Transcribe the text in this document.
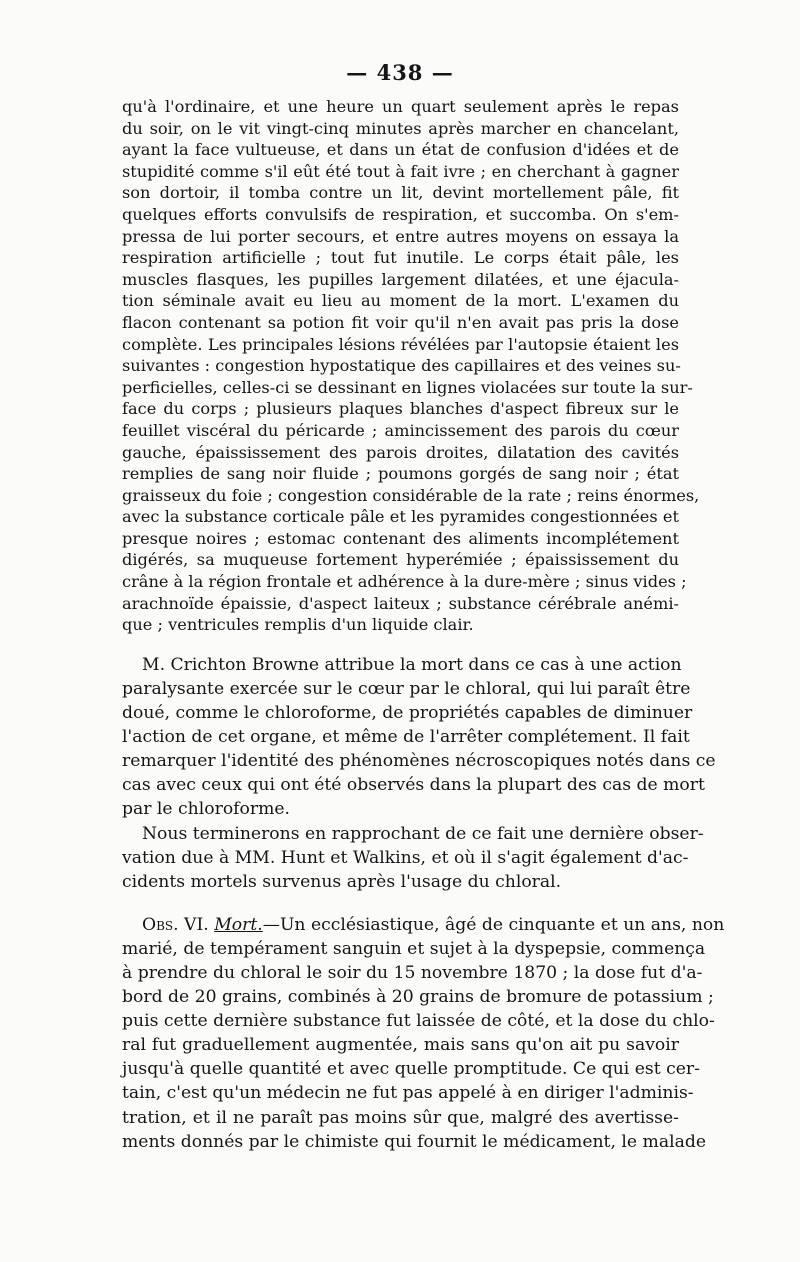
— 438 —
qu'à l'ordinaire, et une heure un quart seulement après le repas
du soir, on le vit vingt-cinq minutes après marcher en chancelant,
ayant la face vultueuse, et dans un état de confusion d'idées et de
stupidité comme s'il eût été tout à fait ivre ; en cherchant à gagner
son dortoir, il tomba contre un lit, devint mortellement pâle, fit
quelques efforts convulsifs de respiration, et succomba. On s'em-
pressa de lui porter secours, et entre autres moyens on essaya la
respiration artificielle ; tout fut inutile. Le corps était pâle, les
muscles flasques, les pupilles largement dilatées, et une éjacula-
tion séminale avait eu lieu au moment de la mort. L'examen du
flacon contenant sa potion fit voir qu'il n'en avait pas pris la dose
complète. Les principales lésions révélées par l'autopsie étaient les
suivantes : congestion hypostatique des capillaires et des veines su-
perficielles, celles-ci se dessinant en lignes violacées sur toute la sur-
face du corps ; plusieurs plaques blanches d'aspect fibreux sur le
feuillet viscéral du péricarde ; amincissement des parois du cœur
gauche, épaississement des parois droites, dilatation des cavités
remplies de sang noir fluide ; poumons gorgés de sang noir ; état
graisseux du foie ; congestion considérable de la rate ; reins énormes,
avec la substance corticale pâle et les pyramides congestionnées et
presque noires ; estomac contenant des aliments incomplétement
digérés, sa muqueuse fortement hyperémiée ; épaississement du
crâne à la région frontale et adhérence à la dure-mère ; sinus vides ;
arachnoïde épaissie, d'aspect laiteux ; substance cérébrale anémi-
que ; ventricules remplis d'un liquide clair.
M. Crichton Browne attribue la mort dans ce cas à une action
paralysante exercée sur le cœur par le chloral, qui lui paraît être
doué, comme le chloroforme, de propriétés capables de diminuer
l'action de cet organe, et même de l'arrêter complétement. Il fait
remarquer l'identité des phénomènes nécroscopiques notés dans ce
cas avec ceux qui ont été observés dans la plupart des cas de mort
par le chloroforme.
Nous terminerons en rapprochant de ce fait une dernière obser-
vation due à MM. Hunt et Walkins, et où il s'agit également d'ac-
cidents mortels survenus après l'usage du chloral.
Obs. VI. Mort.—Un ecclésiastique, âgé de cinquante et un ans, non
marié, de tempérament sanguin et sujet à la dyspepsie, commença
à prendre du chloral le soir du 15 novembre 1870 ; la dose fut d'a-
bord de 20 grains, combinés à 20 grains de bromure de potassium ;
puis cette dernière substance fut laissée de côté, et la dose du chlo-
ral fut graduellement augmentée, mais sans qu'on ait pu savoir
jusqu'à quelle quantité et avec quelle promptitude. Ce qui est cer-
tain, c'est qu'un médecin ne fut pas appelé à en diriger l'adminis-
tration, et il ne paraît pas moins sûr que, malgré des avertisse-
ments donnés par le chimiste qui fournit le médicament, le malade
